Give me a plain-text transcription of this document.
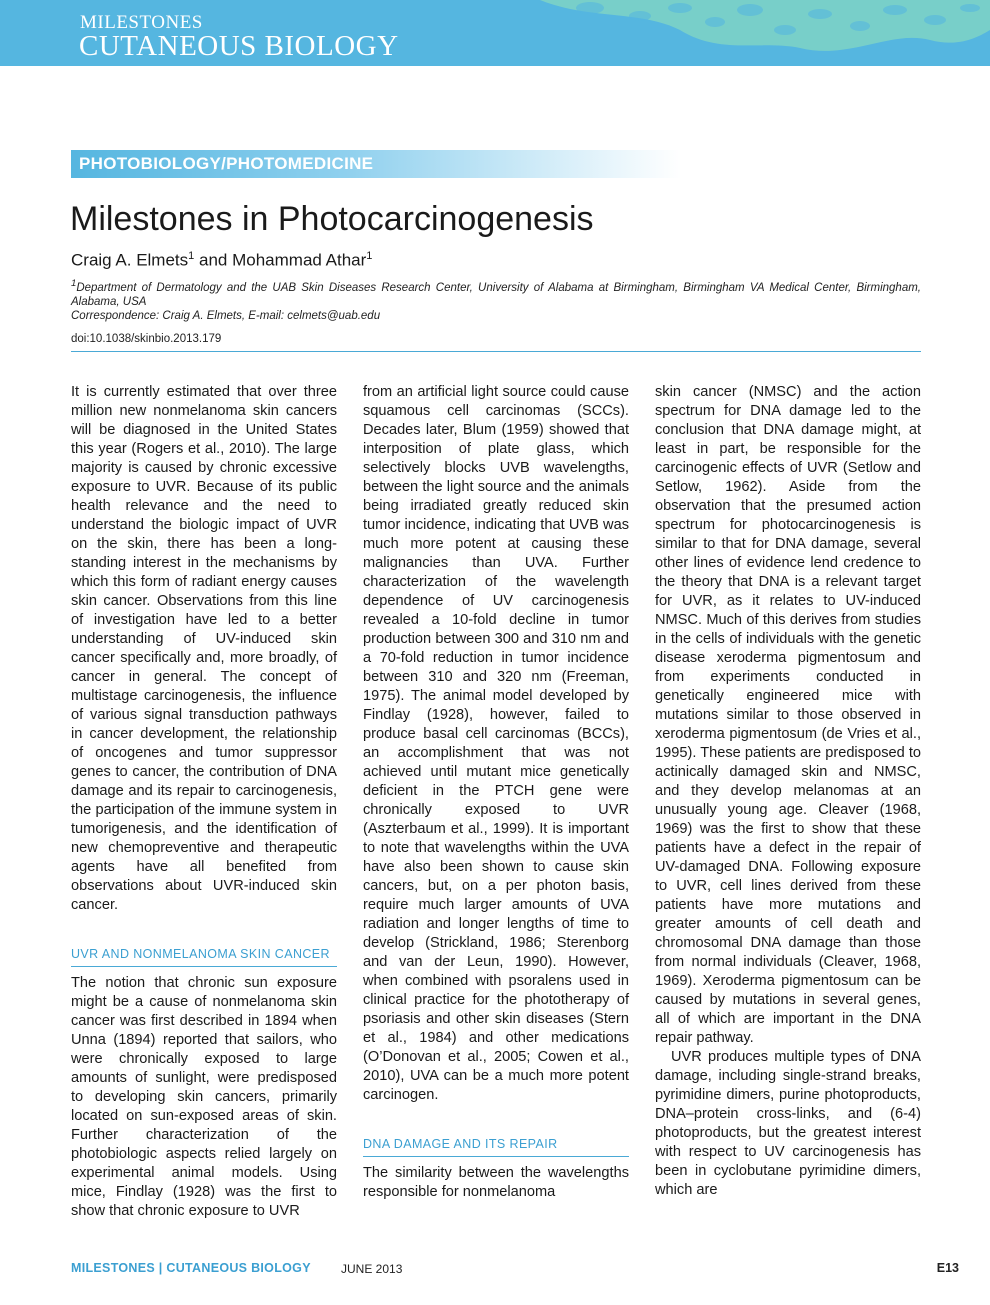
MILESTONES
CUTANEOUS BIOLOGY
PHOTOBIOLOGY/PHOTOMEDICINE
Milestones in Photocarcinogenesis
Craig A. Elmets$^1$ and Mohammad Athar$^1$
$^1$Department of Dermatology and the UAB Skin Diseases Research Center, University of Alabama at Birmingham, Birmingham VA Medical Center, Birmingham, Alabama, USA
Correspondence: Craig A. Elmets, E-mail: celmets@uab.edu
doi:10.1038/skinbio.2013.179

It is currently estimated that over three million new nonmelanoma skin cancers will be diagnosed in the United States this year (Rogers et al., 2010). The large majority is caused by chronic excessive exposure to UVR. Because of its public health relevance and the need to understand the biologic impact of UVR on the skin, there has been a long-standing interest in the mechanisms by which this form of radiant energy causes skin cancer. Observations from this line of investigation have led to a better understanding of UV-induced skin cancer specifically and, more broadly, of cancer in general. The concept of multistage carcinogenesis, the influence of various signal transduction pathways in cancer development, the relationship of oncogenes and tumor suppressor genes to cancer, the contribution of DNA damage and its repair to carcinogenesis, the participation of the immune system in tumorigenesis, and the identification of new chemopreventive and therapeutic agents have all benefited from observations about UVR-induced skin cancer.

UVR AND NONMELANOMA SKIN CANCER

The notion that chronic sun exposure might be a cause of nonmelanoma skin cancer was first described in 1894 when Unna (1894) reported that sailors, who were chronically exposed to large amounts of sunlight, were predisposed to developing skin cancers, primarily located on sun-exposed areas of skin. Further characterization of the photobiologic aspects relied largely on experimental animal models. Using mice, Findlay (1928) was the first to show that chronic exposure to UVR

from an artificial light source could cause squamous cell carcinomas (SCCs). Decades later, Blum (1959) showed that interposition of plate glass, which selectively blocks UVB wavelengths, between the light source and the animals being irradiated greatly reduced skin tumor incidence, indicating that UVB was much more potent at causing these malignancies than UVA. Further characterization of the wavelength dependence of UV carcinogenesis revealed a 10-fold decline in tumor production between 300 and 310 nm and a 70-fold reduction in tumor incidence between 310 and 320 nm (Freeman, 1975). The animal model developed by Findlay (1928), however, failed to produce basal cell carcinomas (BCCs), an accomplishment that was not achieved until mutant mice genetically deficient in the PTCH gene were chronically exposed to UVR (Aszterbaum et al., 1999). It is important to note that wavelengths within the UVA have also been shown to cause skin cancers, but, on a per photon basis, require much larger amounts of UVA radiation and longer lengths of time to develop (Strickland, 1986; Sterenborg and van der Leun, 1990). However, when combined with psoralens used in clinical practice for the phototherapy of psoriasis and other skin diseases (Stern et al., 1984) and other medications (O’Donovan et al., 2005; Cowen et al., 2010), UVA can be a much more potent carcinogen.

DNA DAMAGE AND ITS REPAIR

The similarity between the wavelengths responsible for nonmelanoma

skin cancer (NMSC) and the action spectrum for DNA damage led to the conclusion that DNA damage might, at least in part, be responsible for the carcinogenic effects of UVR (Setlow and Setlow, 1962). Aside from the observation that the presumed action spectrum for photocarcinogenesis is similar to that for DNA damage, several other lines of evidence lend credence to the theory that DNA is a relevant target for UVR, as it relates to UV-induced NMSC. Much of this derives from studies in the cells of individuals with the genetic disease xeroderma pigmentosum and from experiments conducted in genetically engineered mice with mutations similar to those observed in xeroderma pigmentosum (de Vries et al., 1995). These patients are predisposed to actinically damaged skin and NMSC, and they develop melanomas at an unusually young age. Cleaver (1968, 1969) was the first to show that these patients have a defect in the repair of UV-damaged DNA. Following exposure to UVR, cell lines derived from these patients have more mutations and greater amounts of cell death and chromosomal DNA damage than those from normal individuals (Cleaver, 1968, 1969). Xeroderma pigmentosum can be caused by mutations in several genes, all of which are important in the DNA repair pathway.

UVR produces multiple types of DNA damage, including single-strand breaks, pyrimidine dimers, purine photoproducts, DNA–protein cross-links, and (6-4) photoproducts, but the greatest interest with respect to UV carcinogenesis has been in cyclobutane pyrimidine dimers, which are

MILESTONES | CUTANEOUS BIOLOGY	JUNE 2013	E13
